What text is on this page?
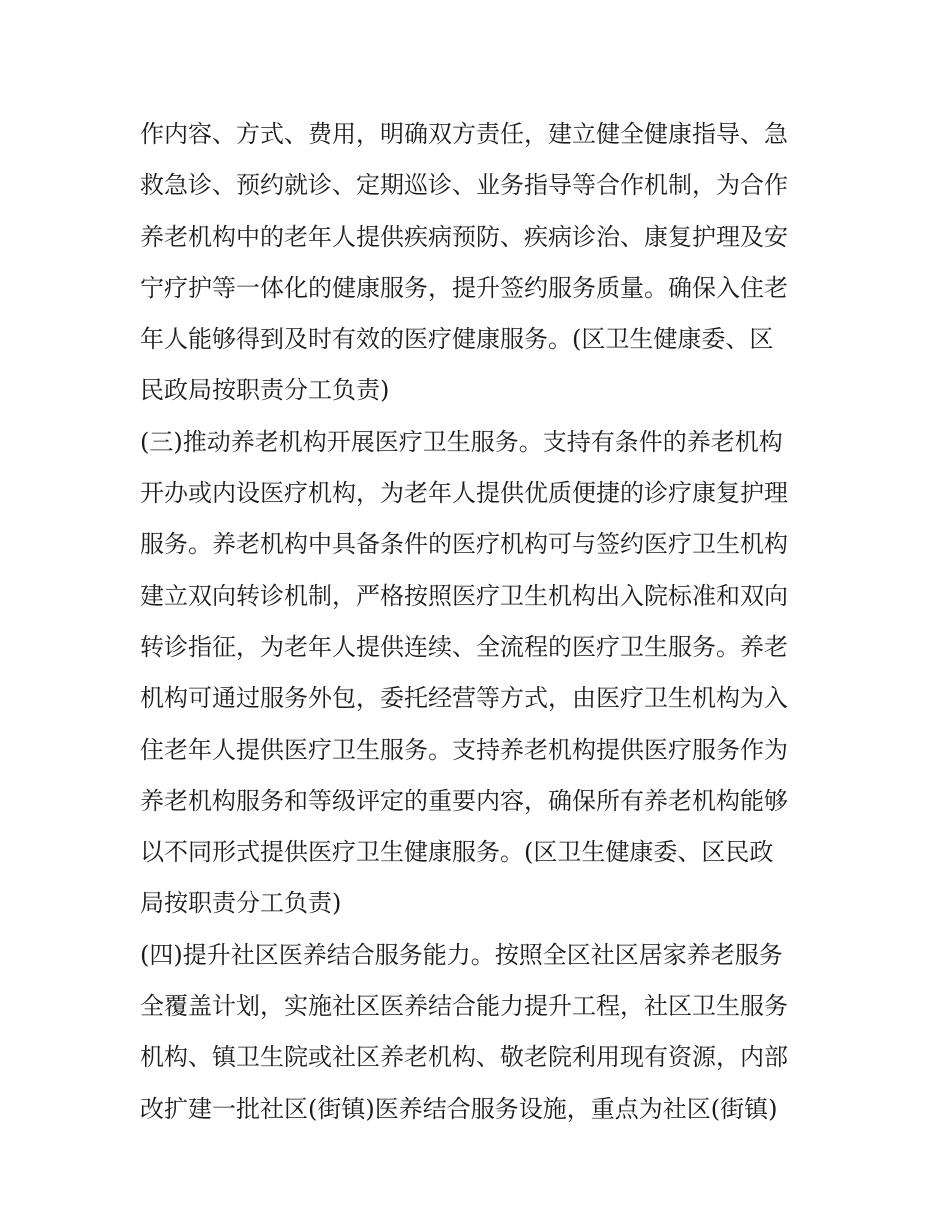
作内容、方式、费用，明确双方责任，建立健全健康指导、急
救急诊、预约就诊、定期巡诊、业务指导等合作机制，为合作
养老机构中的老年人提供疾病预防、疾病诊治、康复护理及安
宁疗护等一体化的健康服务，提升签约服务质量。确保入住老
年人能够得到及时有效的医疗健康服务。(区卫生健康委、区
民政局按职责分工负责)
(三)推动养老机构开展医疗卫生服务。支持有条件的养老机构
开办或内设医疗机构，为老年人提供优质便捷的诊疗康复护理
服务。养老机构中具备条件的医疗机构可与签约医疗卫生机构
建立双向转诊机制，严格按照医疗卫生机构出入院标准和双向
转诊指征，为老年人提供连续、全流程的医疗卫生服务。养老
机构可通过服务外包，委托经营等方式，由医疗卫生机构为入
住老年人提供医疗卫生服务。支持养老机构提供医疗服务作为
养老机构服务和等级评定的重要内容，确保所有养老机构能够
以不同形式提供医疗卫生健康服务。(区卫生健康委、区民政
局按职责分工负责)
(四)提升社区医养结合服务能力。按照全区社区居家养老服务
全覆盖计划，实施社区医养结合能力提升工程，社区卫生服务
机构、镇卫生院或社区养老机构、敬老院利用现有资源，内部
改扩建一批社区(街镇)医养结合服务设施，重点为社区(街镇)
